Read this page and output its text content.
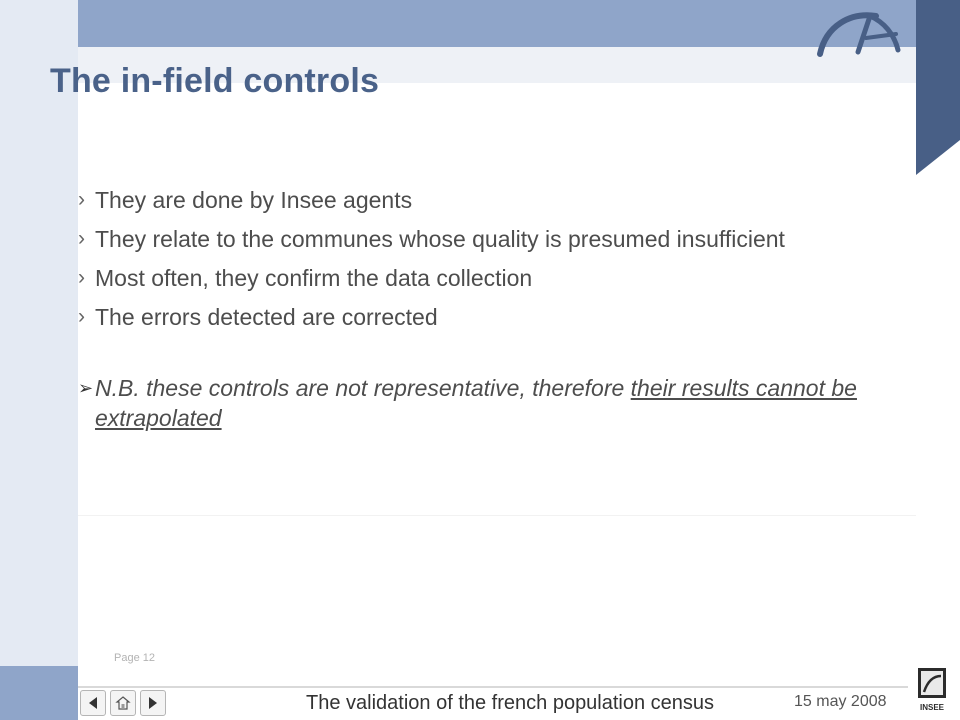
The in-field controls
› They are done by Insee agents
› They relate to the communes whose quality is presumed insufficient
› Most often, they confirm the data collection
› The errors detected are corrected
➢ N.B. these controls are not representative, therefore their results cannot be extrapolated
Page 12
The validation of the french population census	15 may 2008	INSEE
